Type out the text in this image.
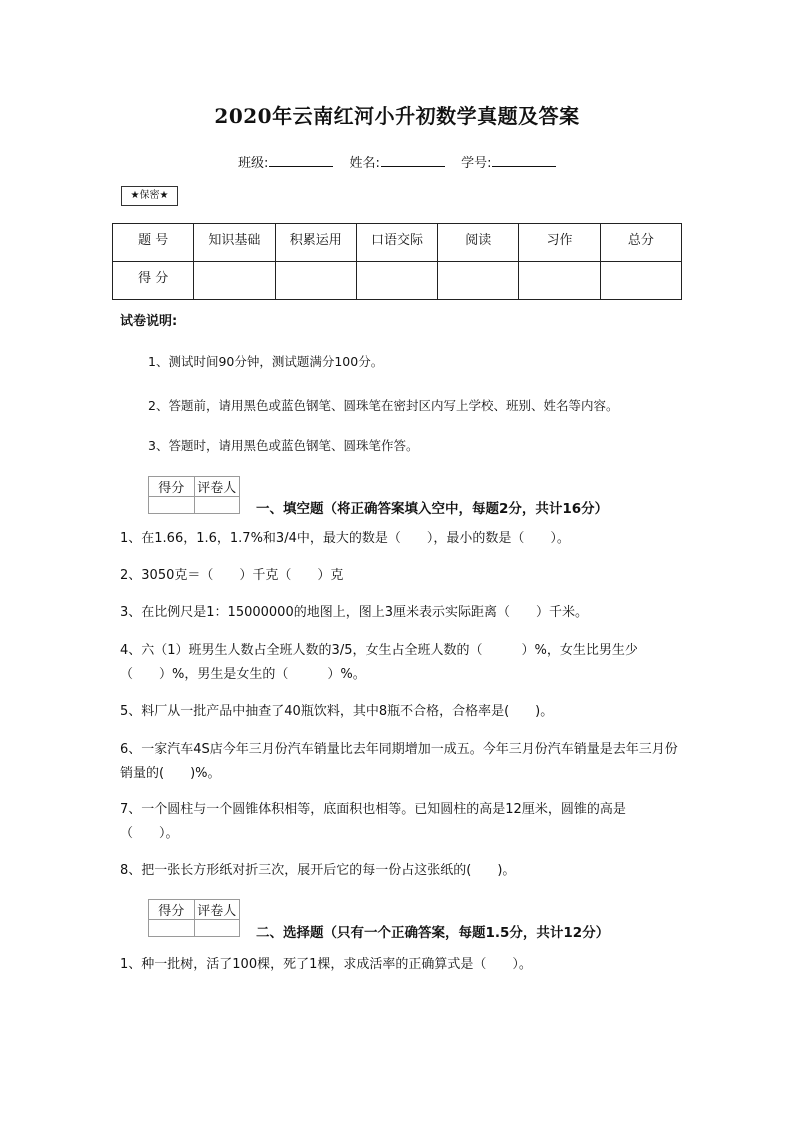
2020年云南红河小升初数学真题及答案
班级:	姓名:	学号:
★保密★
题 号	知识基础	积累运用	口语交际	阅读	习作	总分
得 分						
试卷说明:
1、测试时间90分钟，测试题满分100分。
2、答题前，请用黑色或蓝色钢笔、圆珠笔在密封区内写上学校、班别、姓名等内容。
3、答题时，请用黑色或蓝色钢笔、圆珠笔作答。
得分	评卷人

一、填空题（将正确答案填入空中，每题2分，共计16分）
1、在1.66，1.6，1.7%和3/4中，最大的数是（　　），最小的数是（　　）。
2、3050克＝（　　）千克（　　）克
3、在比例尺是1：15000000的地图上，图上3厘米表示实际距离（　　）千米。
4、六（1）班男生人数占全班人数的3/5，女生占全班人数的（　　　）%，女生比男生少（　　）%，男生是女生的（　　　）%。
5、料厂从一批产品中抽查了40瓶饮料，其中8瓶不合格，合格率是(　　)。
6、一家汽车4S店今年三月份汽车销量比去年同期增加一成五。今年三月份汽车销量是去年三月份销量的(　　)%。
7、一个圆柱与一个圆锥体积相等，底面积也相等。已知圆柱的高是12厘米，圆锥的高是（　　）。
8、把一张长方形纸对折三次，展开后它的每一份占这张纸的(　　)。
得分	评卷人

二、选择题（只有一个正确答案，每题1.5分，共计12分）
1、种一批树，活了100棵，死了1棵，求成活率的正确算式是（　　）。
